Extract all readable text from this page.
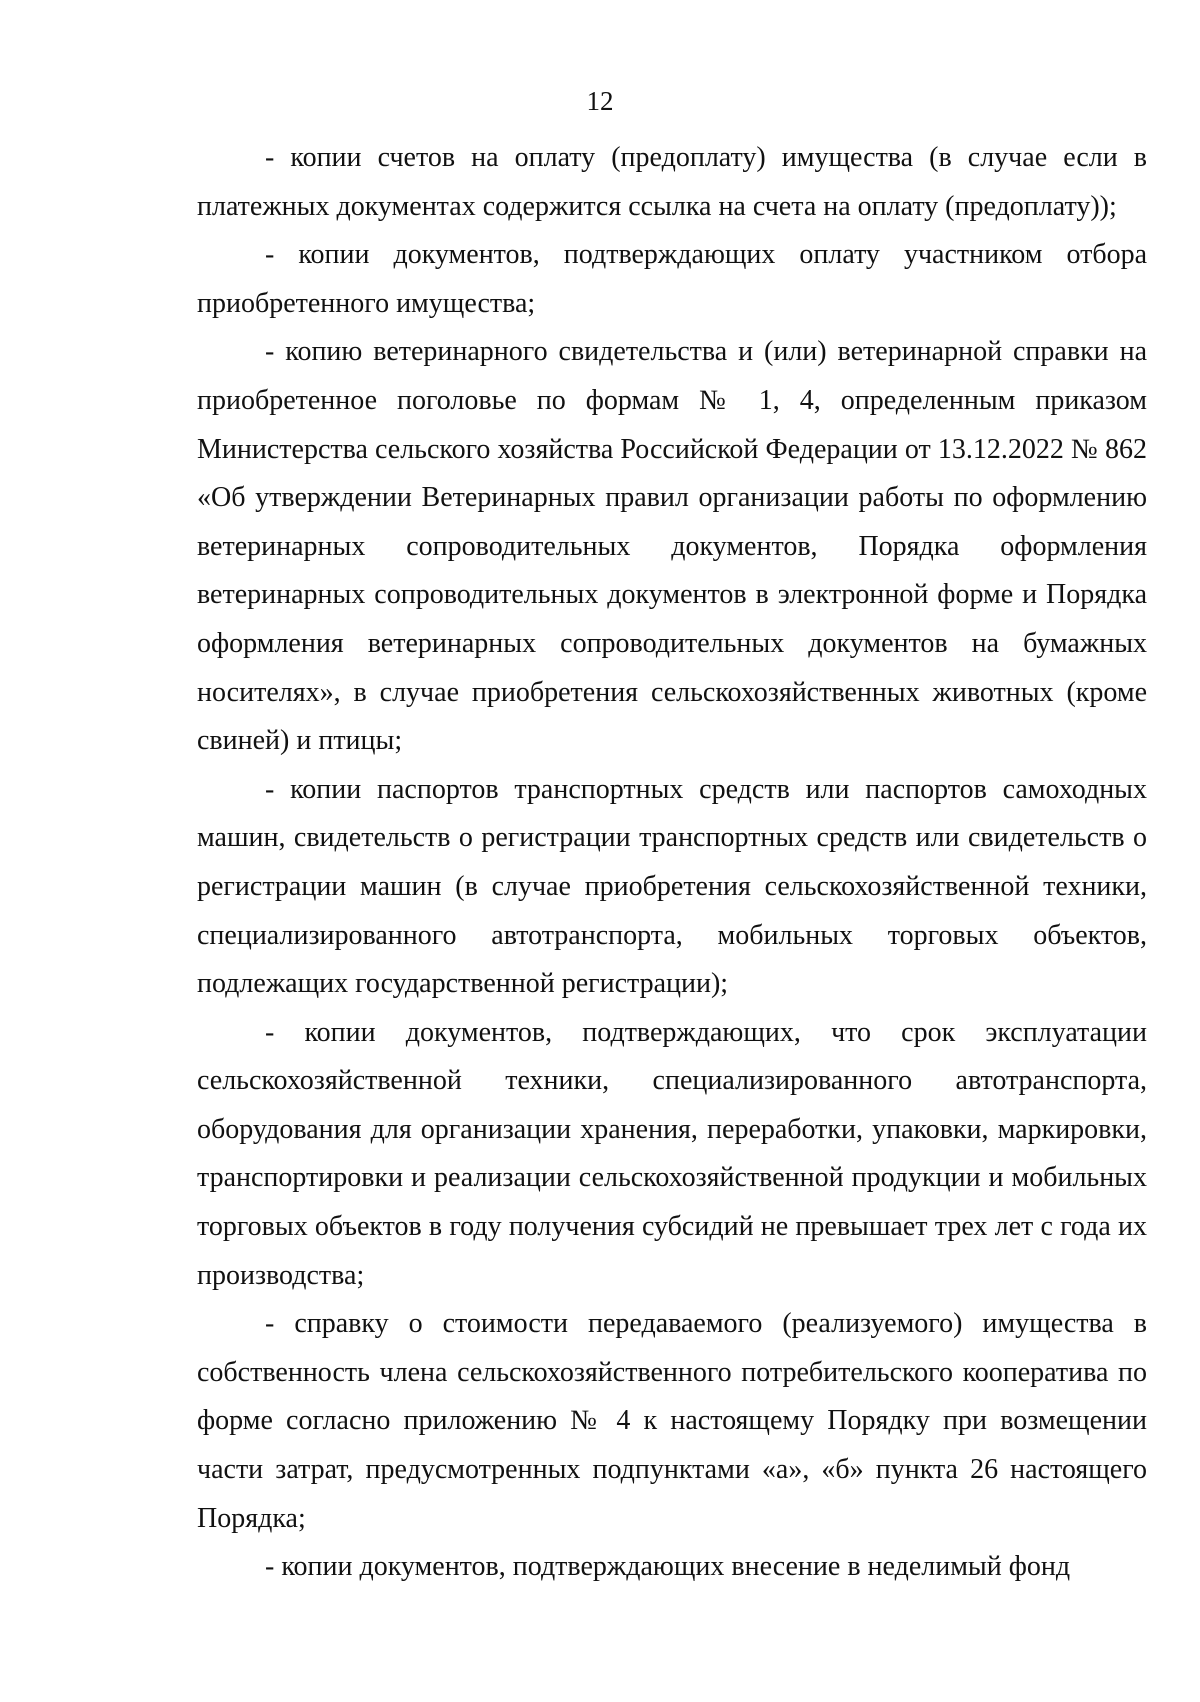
12

- копии счетов на оплату (предоплату) имущества (в случае если в платежных документах содержится ссылка на счета на оплату (предоплату));

- копии документов, подтверждающих оплату участником отбора приобретенного имущества;

- копию ветеринарного свидетельства и (или) ветеринарной справки на приобретенное поголовье по формам № 1, 4, определенным приказом Министерства сельского хозяйства Российской Федерации от 13.12.2022 № 862 «Об утверждении Ветеринарных правил организации работы по оформлению ветеринарных сопроводительных документов, Порядка оформления ветеринарных сопроводительных документов в электронной форме и Порядка оформления ветеринарных сопроводительных документов на бумажных носителях», в случае приобретения сельскохозяйственных животных (кроме свиней) и птицы;

- копии паспортов транспортных средств или паспортов самоходных машин, свидетельств о регистрации транспортных средств или свидетельств о регистрации машин (в случае приобретения сельскохозяйственной техники, специализированного автотранспорта, мобильных торговых объектов, подлежащих государственной регистрации);

- копии документов, подтверждающих, что срок эксплуатации сельскохозяйственной техники, специализированного автотранспорта, оборудования для организации хранения, переработки, упаковки, маркировки, транспортировки и реализации сельскохозяйственной продукции и мобильных торговых объектов в году получения субсидий не превышает трех лет с года их производства;

- справку о стоимости передаваемого (реализуемого) имущества в собственность члена сельскохозяйственного потребительского кооператива по форме согласно приложению № 4 к настоящему Порядку при возмещении части затрат, предусмотренных подпунктами «а», «б» пункта 26 настоящего Порядка;

- копии документов, подтверждающих внесение в неделимый фонд
